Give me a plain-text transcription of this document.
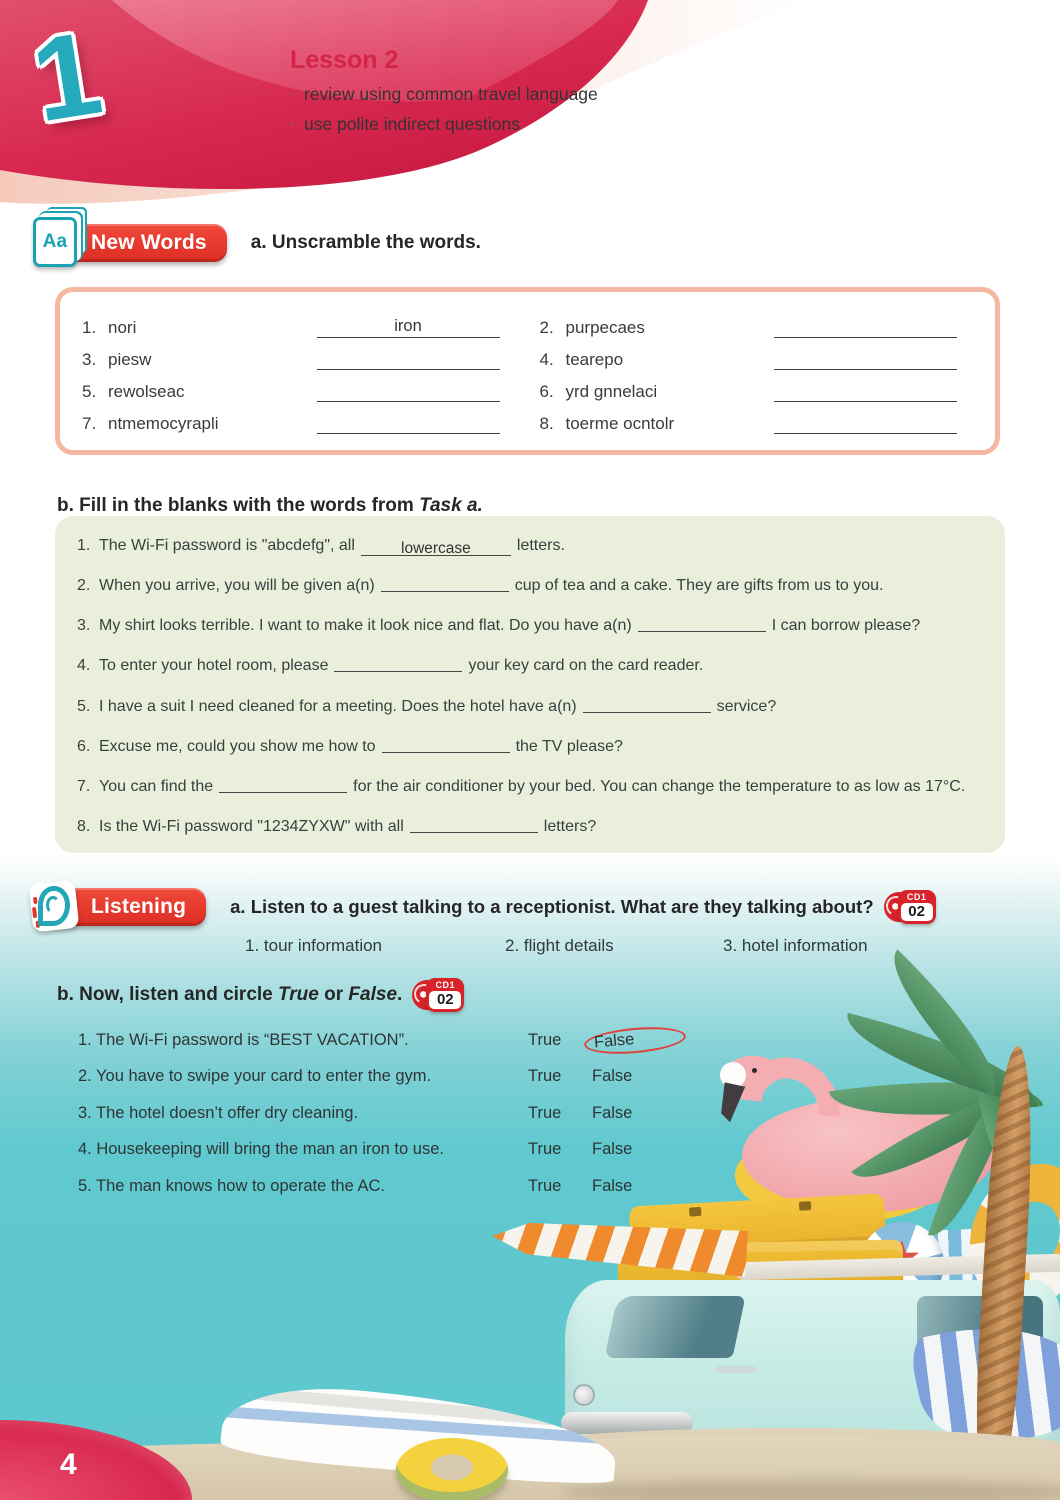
1	Lesson 2
review using common travel language
use polite indirect questions
Aa New Words a. Unscramble the words.
1. nori	iron	2. purpecaes
3. piesw	4. tearepo
5. rewolseac	6. yrd gnnelaci
7. ntmemocyrapli	8. toerme ocntolr
b. Fill in the blanks with the words from Task a.
1. The Wi-Fi password is "abcdefg", all	lowercase	letters.
2. When you arrive, you will be given a(n)	cup of tea and a cake. They are gifts from us to you.
3. My shirt looks terrible. I want to make it look nice and flat. Do you have a(n)	I can borrow please?
4. To enter your hotel room, please	your key card on the card reader.
5. I have a suit I need cleaned for a meeting. Does the hotel have a(n)	service?
6. Excuse me, could you show me how to	the TV please?
7. You can find the	for the air conditioner by your bed. You can change the temperature to as low as 17°C.
8. Is the Wi-Fi password "1234ZYXW" with all	letters?
4
Listening a. Listen to a guest talking to a receptionist. What are they talking about?	CD1
02
1. tour information	2. flight details	3. hotel information
b. Now, listen and circle True or False.	CD1
02
1. The Wi-Fi password is “BEST VACATION”.	True	False
2. You have to swipe your card to enter the gym.	True	False
3. The hotel doesn’t offer dry cleaning.	True	False
4. Housekeeping will bring the man an iron to use.	True	False
5. The man knows how to operate the AC.	True	False
